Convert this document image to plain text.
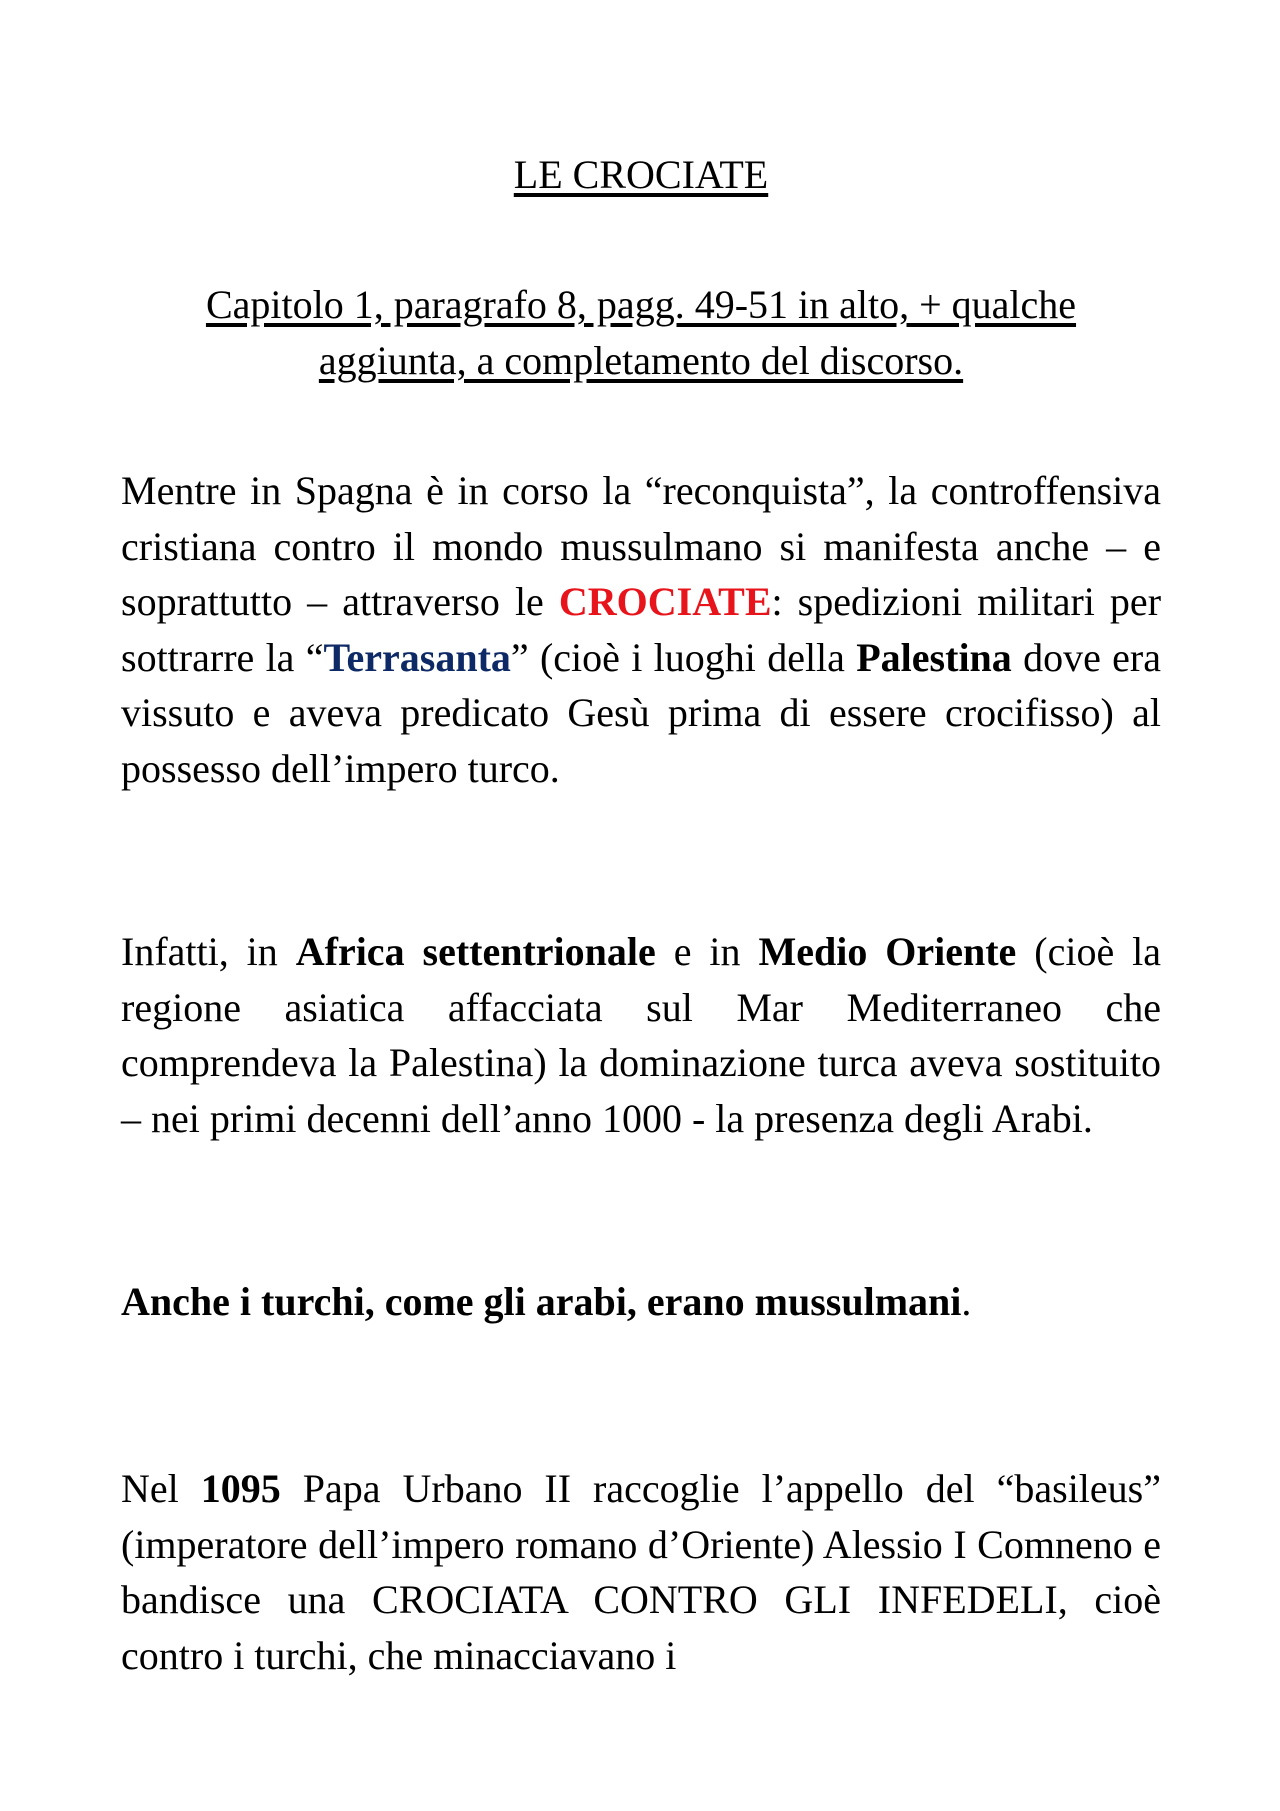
LE CROCIATE
Capitolo 1, paragrafo 8, pagg. 49-51 in alto, + qualche
aggiunta, a completamento del discorso.
Mentre in Spagna è in corso la “reconquista”, la controffensiva cristiana contro il mondo mussulmano si manifesta anche – e soprattutto – attraverso le CROCIATE: spedizioni militari per sottrarre la “Terrasanta” (cioè i luoghi della Palestina dove era vissuto e aveva predicato Gesù prima di essere crocifisso) al possesso dell’impero turco.
Infatti, in Africa settentrionale e in Medio Oriente (cioè la regione asiatica affacciata sul Mar Mediterraneo che comprendeva la Palestina) la dominazione turca aveva sostituito – nei primi decenni dell’anno 1000 - la presenza degli Arabi.
Anche i turchi, come gli arabi, erano mussulmani.
Nel 1095 Papa Urbano II raccoglie l’appello del “basileus” (imperatore dell’impero romano d’Oriente) Alessio I Comneno e bandisce una CROCIATA CONTRO GLI INFEDELI, cioè contro i turchi, che minacciavano i
